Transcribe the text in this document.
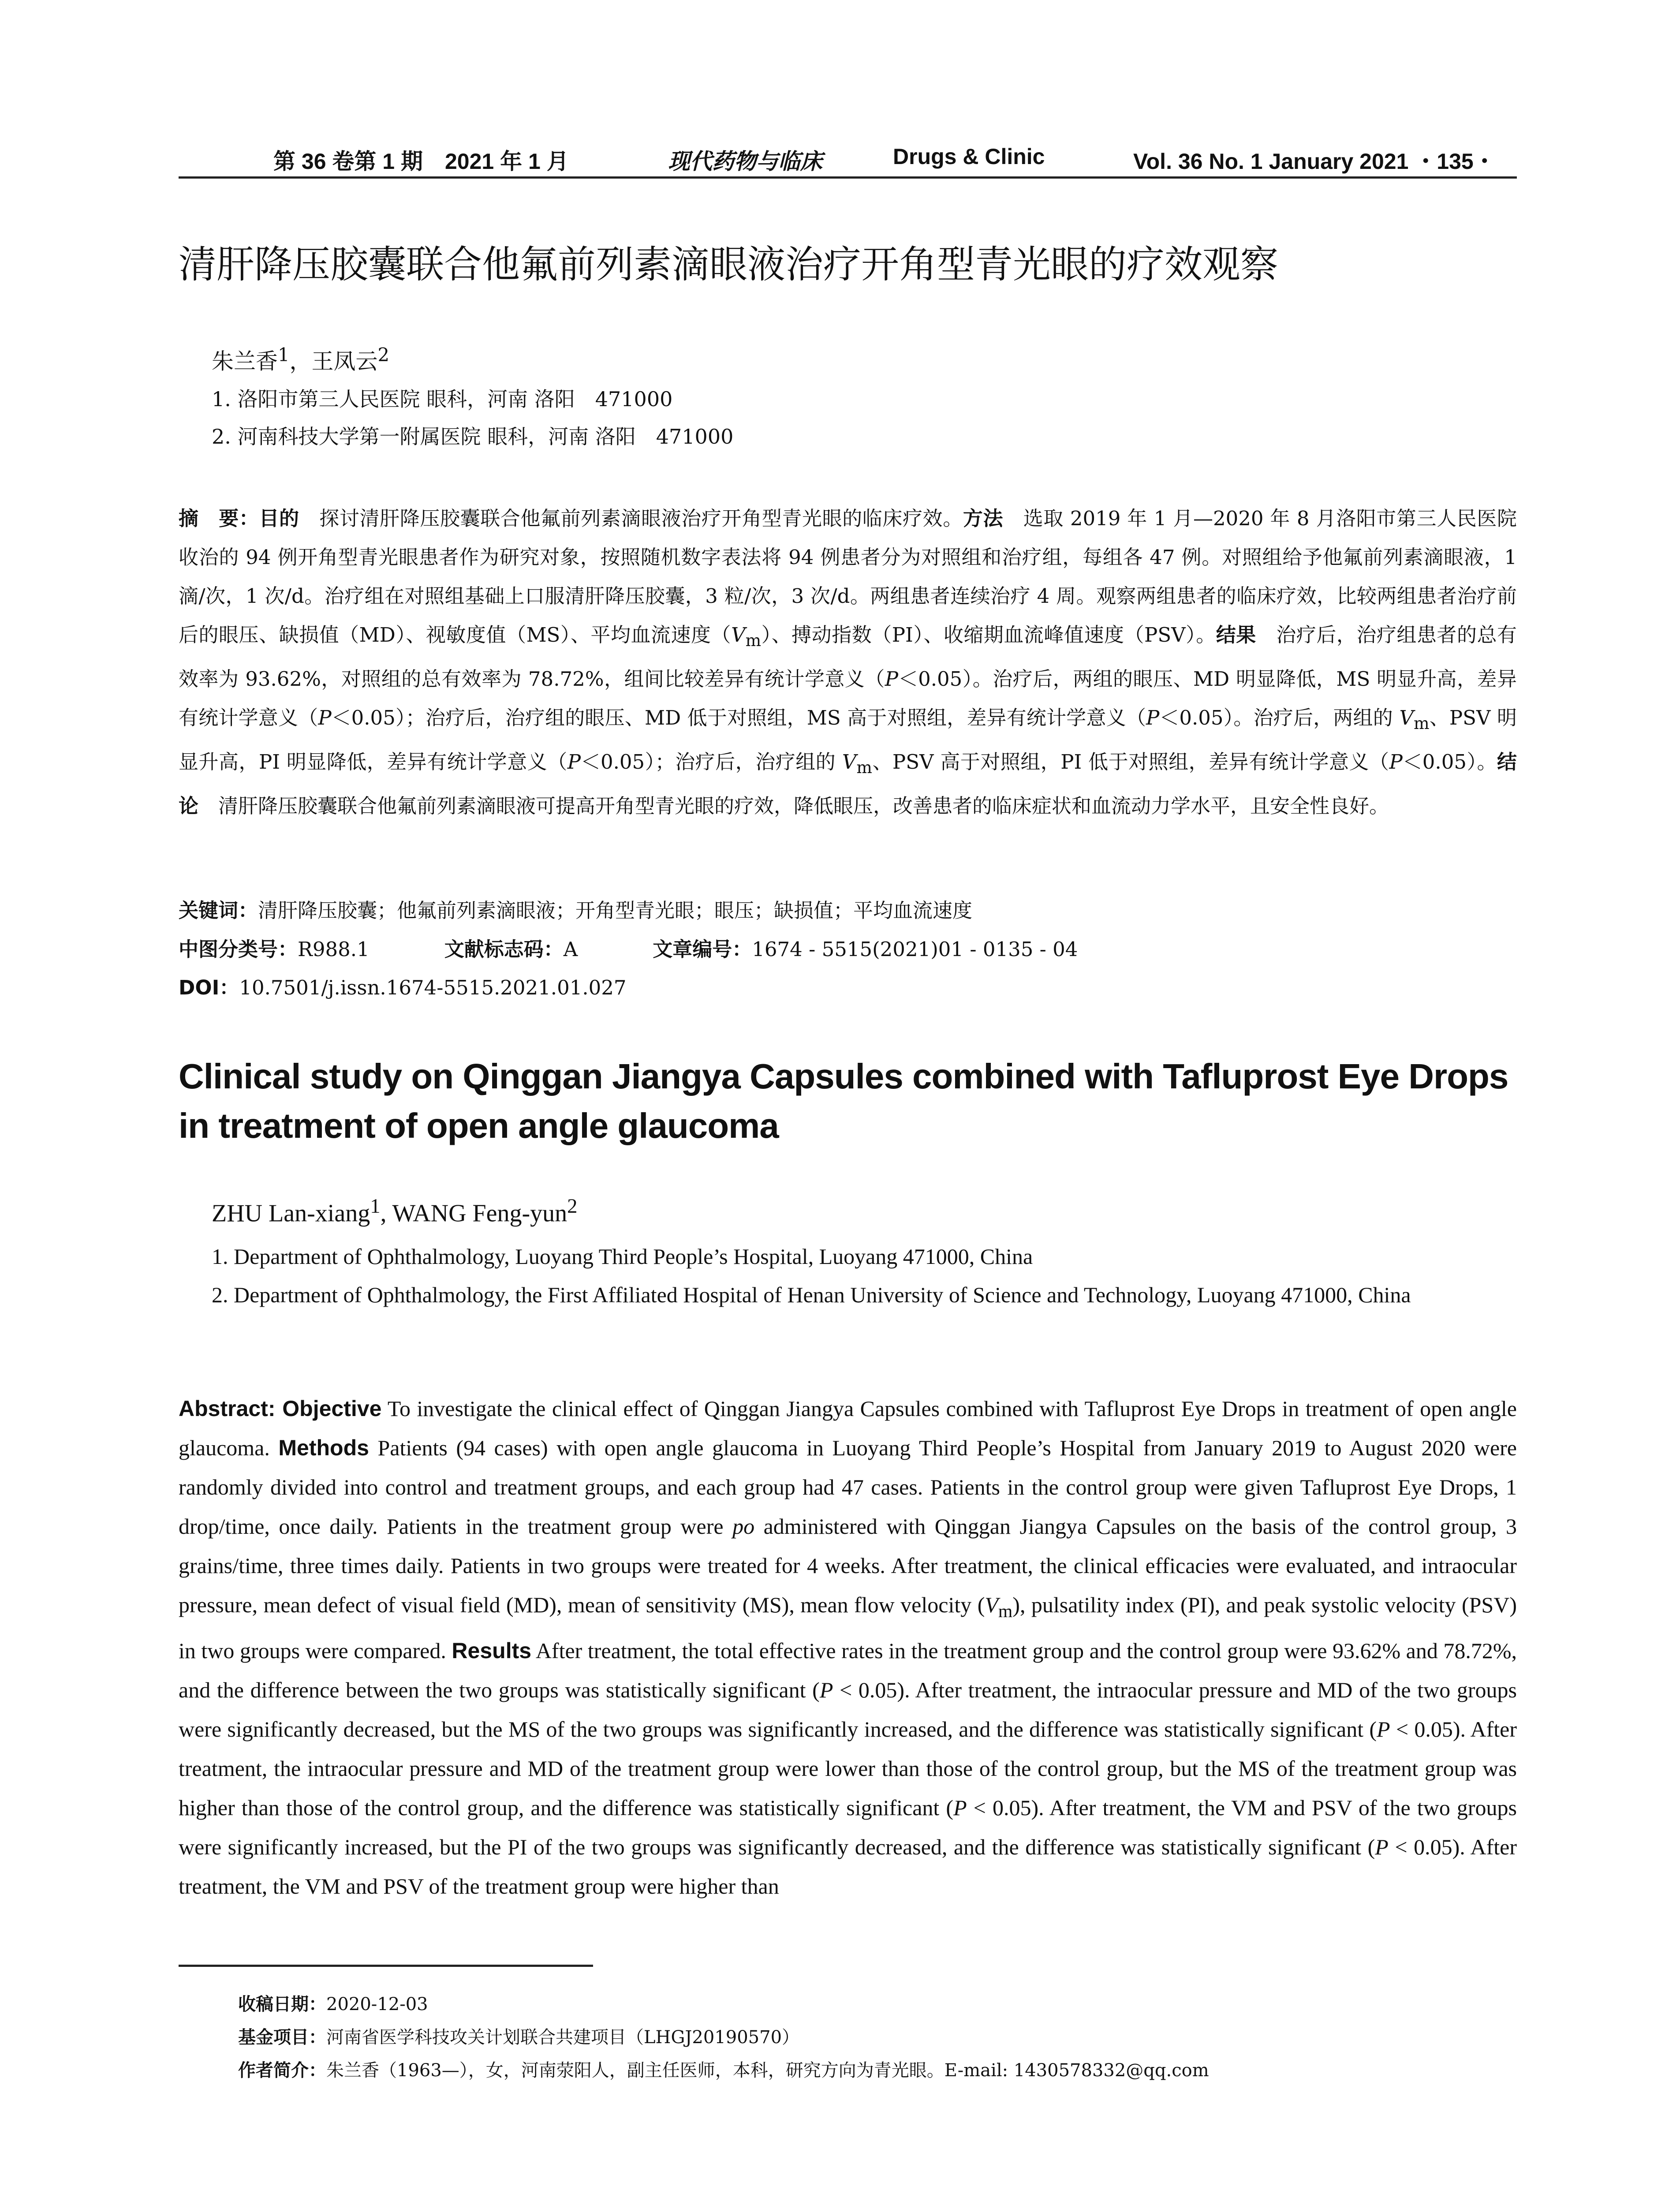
第 36 卷第 1 期　2021 年 1 月	现代药物与临床	Drugs & Clinic	Vol. 36 No. 1 January 2021 ・135・
清肝降压胶囊联合他氟前列素滴眼液治疗开角型青光眼的疗效观察
朱兰香$^1$，王凤云$^2$
1. 洛阳市第三人民医院 眼科，河南 洛阳　471000
2. 河南科技大学第一附属医院 眼科，河南 洛阳　471000
摘　要：目的　探讨清肝降压胶囊联合他氟前列素滴眼液治疗开角型青光眼的临床疗效。方法　选取 2019 年 1 月—2020 年 8 月洛阳市第三人民医院收治的 94 例开角型青光眼患者作为研究对象，按照随机数字表法将 94 例患者分为对照组和治疗组，每组各 47 例。对照组给予他氟前列素滴眼液，1 滴/次，1 次/d。治疗组在对照组基础上口服清肝降压胶囊，3 粒/次，3 次/d。两组患者连续治疗 4 周。观察两组患者的临床疗效，比较两组患者治疗前后的眼压、缺损值（MD）、视敏度值（MS）、平均血流速度$(V_m)$、搏动指数（PI）、收缩期血流峰值速度（PSV）。结果　治疗后，治疗组患者的总有效率为 93.62%，对照组的总有效率为 78.72%，组间比较差异有统计学意义（P＜0.05）。治疗后，两组的眼压、MD 明显降低，MS 明显升高，差异有统计学意义（P＜0.05）；治疗后，治疗组的眼压、MD 低于对照组，MS 高于对照组，差异有统计学意义（P＜0.05）。治疗后，两组的 $V_m$、PSV 明显升高，PI 明显降低，差异有统计学意义（P＜0.05）；治疗后，治疗组的 $V_m$、PSV 高于对照组，PI 低于对照组，差异有统计学意义（P＜0.05）。结论　清肝降压胶囊联合他氟前列素滴眼液可提高开角型青光眼的疗效，降低眼压，改善患者的临床症状和血流动力学水平，且安全性良好。
关键词：清肝降压胶囊；他氟前列素滴眼液；开角型青光眼；眼压；缺损值；平均血流速度
中图分类号：R988.1	文献标志码：A	文章编号：1674 - 5515(2021)01 - 0135 - 04
DOI：10.7501/j.issn.1674-5515.2021.01.027
Clinical study on Qinggan Jiangya Capsules combined with Tafluprost Eye Drops in treatment of open angle glaucoma
ZHU Lan-xiang$^1$, WANG Feng-yun$^2$
1. Department of Ophthalmology, Luoyang Third People’s Hospital, Luoyang 471000, China
2. Department of Ophthalmology, the First Affiliated Hospital of Henan University of Science and Technology, Luoyang 471000, China
Abstract: Objective To investigate the clinical effect of Qinggan Jiangya Capsules combined with Tafluprost Eye Drops in treatment of open angle glaucoma. Methods Patients (94 cases) with open angle glaucoma in Luoyang Third People’s Hospital from January 2019 to August 2020 were randomly divided into control and treatment groups, and each group had 47 cases. Patients in the control group were given Tafluprost Eye Drops, 1 drop/time, once daily. Patients in the treatment group were po administered with Qinggan Jiangya Capsules on the basis of the control group, 3 grains/time, three times daily. Patients in two groups were treated for 4 weeks. After treatment, the clinical efficacies were evaluated, and intraocular pressure, mean defect of visual field (MD), mean of sensitivity (MS), mean flow velocity $(V_m)$, pulsatility index (PI), and peak systolic velocity (PSV) in two groups were compared. Results After treatment, the total effective rates in the treatment group and the control group were 93.62% and 78.72%, and the difference between the two groups was statistically significant (P < 0.05). After treatment, the intraocular pressure and MD of the two groups were significantly decreased, but the MS of the two groups was significantly increased, and the difference was statistically significant (P < 0.05). After treatment, the intraocular pressure and MD of the treatment group were lower than those of the control group, but the MS of the treatment group was higher than those of the control group, and the difference was statistically significant (P < 0.05). After treatment, the VM and PSV of the two groups were significantly increased, but the PI of the two groups was significantly decreased, and the difference was statistically significant (P < 0.05). After treatment, the VM and PSV of the treatment group were higher than
收稿日期：2020-12-03
基金项目：河南省医学科技攻关计划联合共建项目（LHGJ20190570）
作者简介：朱兰香（1963—），女，河南荥阳人，副主任医师，本科，研究方向为青光眼。E-mail: 1430578332@qq.com
